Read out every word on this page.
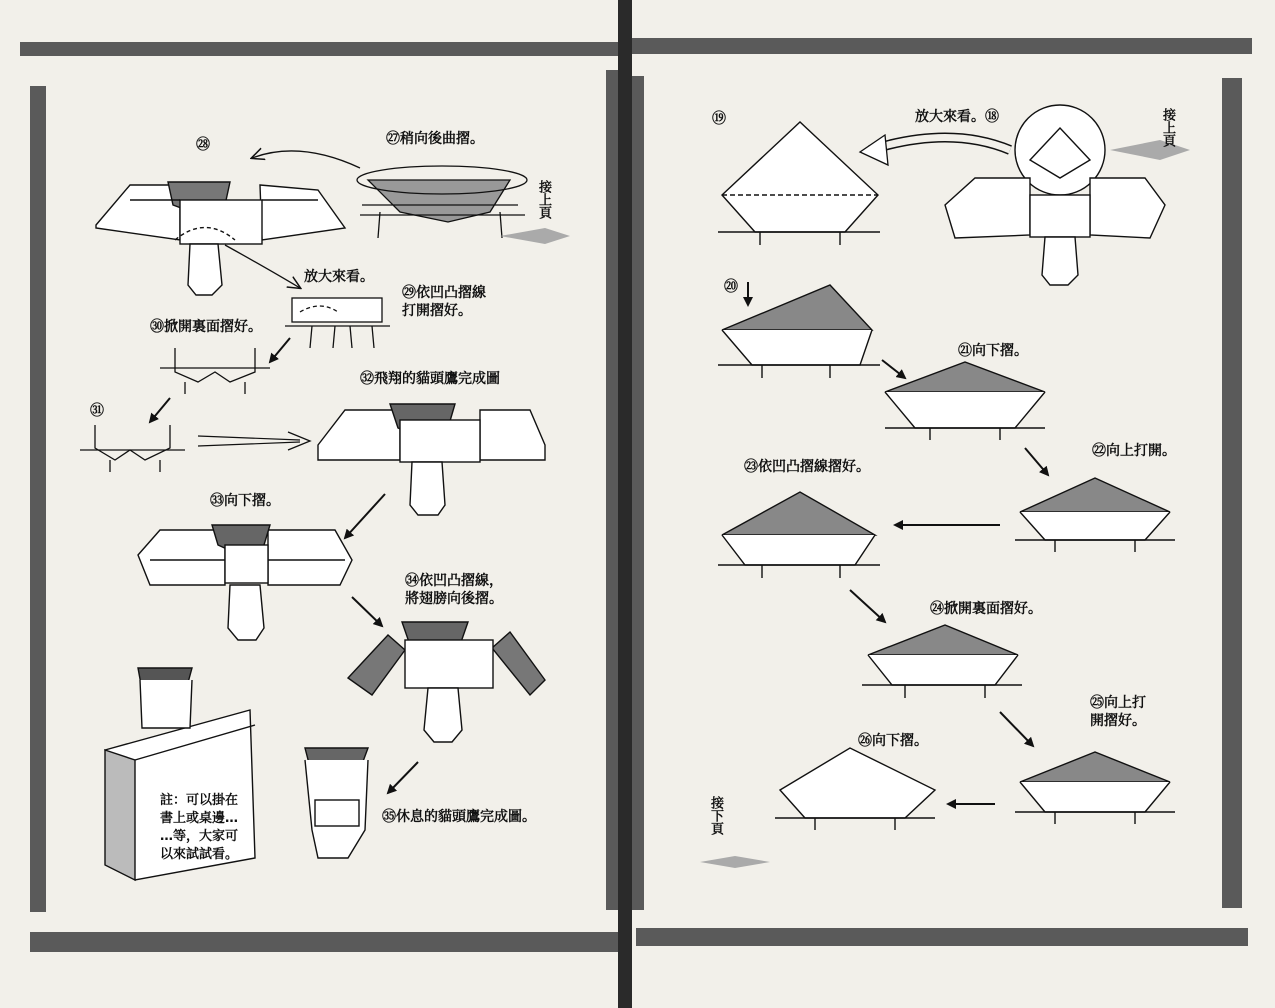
㉗稍向後曲摺。
㉘
接上頁
放大來看。
㉙依凹凸摺線
打開摺好。
㉚掀開裏面摺好。
㉛
㉜飛翔的貓頭鷹完成圖
㉝向下摺。
㉞依凹凸摺線，
將翅膀向後摺。
㉟休息的貓頭鷹完成圖。
註：可以掛在
書上或桌邊…
…等，大家可
以來試試看。
⑲	放大來看。⑱	接上頁
⑳
㉑向下摺。
㉒向上打開。
㉓依凹凸摺線摺好。
㉔掀開裏面摺好。
㉕向上打
開摺好。
㉖向下摺。
接下頁
